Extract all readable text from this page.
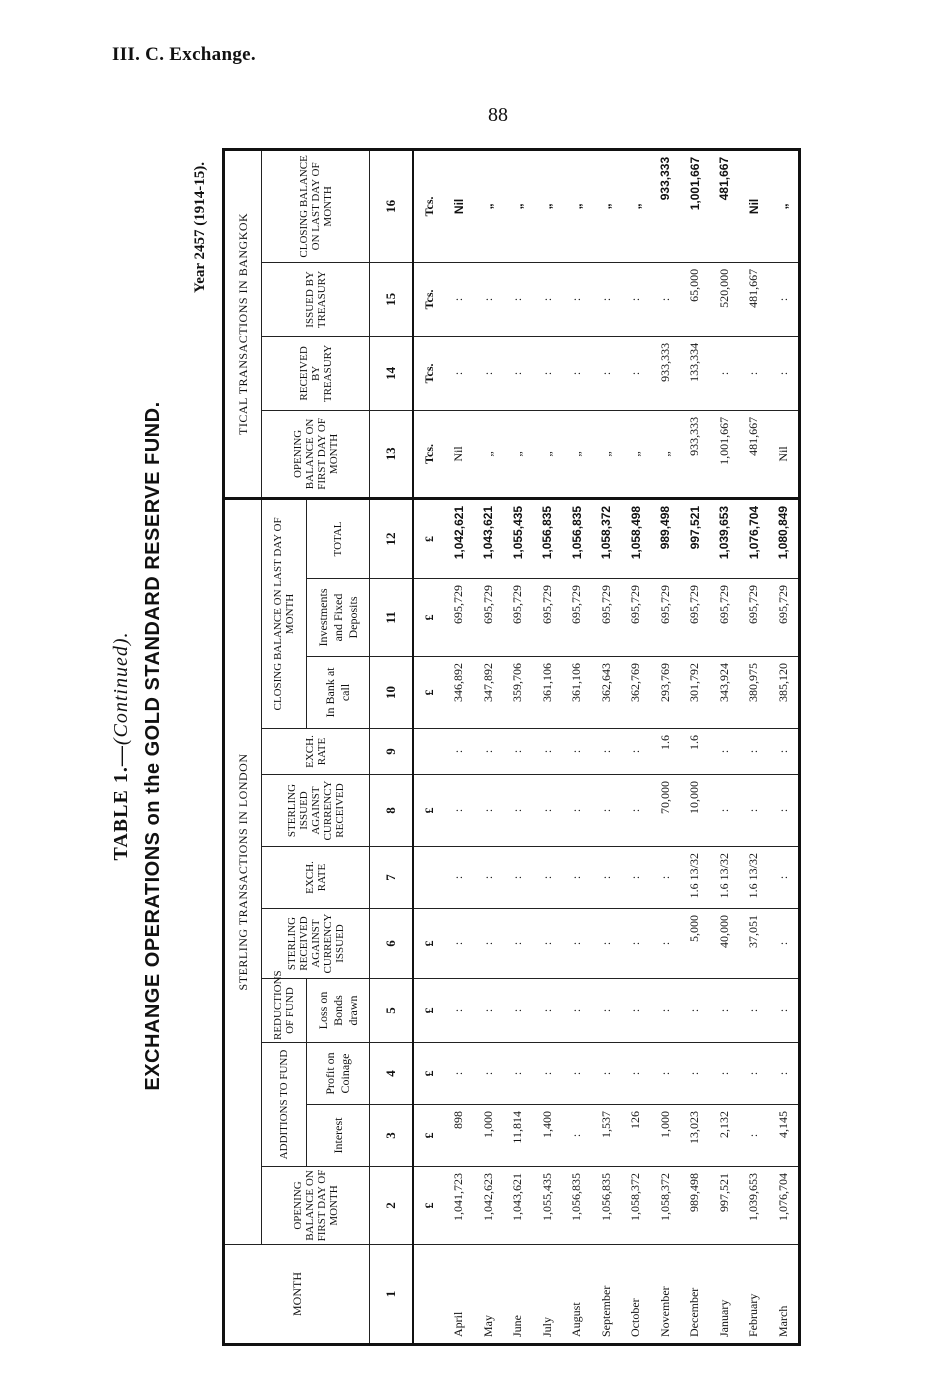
III. C. Exchange.
88
TABLE 1.—(Continued). EXCHANGE OPERATIONS on the GOLD STANDARD RESERVE FUND.
Year 2457 (1914-15).
MONTH	STERLING TRANSACTIONS IN LONDON											TICAL TRANSACTIONS IN BANGKOK			
	OPENING BALANCE ON FIRST DAY OF MONTH	ADDITIONS TO FUND		REDUCTIONS OF FUND	STERLING RECEIVED AGAINST CURRENCY ISSUED	EXCH. RATE	STERLING ISSUED AGAINST CURRENCY RECEIVED	EXCH. RATE	CLOSING BALANCE ON LAST DAY OF MONTH			OPENING BALANCE ON FIRST DAY OF MONTH	RECEIVED BY TREASURY	ISSUED BY TREASURY	CLOSING BALANCE ON LAST DAY OF MONTH
		Interest	Profit on Coinage	Loss on Bonds drawn					In Bank at call	Investments and Fixed Deposits	TOTAL				
1	2	3	4	5	6	7	8	9	10	11	12	13	14	15	16
	£	£	£	£	£		£		£	£	£	Tcs.	Tcs.	Tcs.	Tcs.
April	1,041,723	898	:	:	:	:	:	:	346,892	695,729	1,042,621	Nil	:	:	Nil
May	1,042,623	1,000	:	:	:	:	:	:	347,892	695,729	1,043,621	„	:	:	„
June	1,043,621	11,814	:	:	:	:	:	:	359,706	695,729	1,055,435	„	:	:	„
July	1,055,435	1,400	:	:	:	:	:	:	361,106	695,729	1,056,835	„	:	:	„
August	1,056,835	:	:	:	:	:	:	:	361,106	695,729	1,056,835	„	:	:	„
September	1,056,835	1,537	:	:	:	:	:	:	362,643	695,729	1,058,372	„	:	:	„
October	1,058,372	126	:	:	:	:	:	:	362,769	695,729	1,058,498	„	:	:	„
November	1,058,372	1,000	:	:	:	:	70,000	1.6	293,769	695,729	989,498	„	933,333	:	933,333
December	989,498	13,023	:	:	5,000	1.6 13/32	10,000	1.6	301,792	695,729	997,521	933,333	133,334	65,000	1,001,667
January	997,521	2,132	:	:	40,000	1.6 13/32	:	:	343,924	695,729	1,039,653	1,001,667	:	520,000	481,667
February	1,039,653	:	:	:	37,051	1.6 13/32	:	:	380,975	695,729	1,076,704	481,667	:	481,667	Nil
March	1,076,704	4,145	:	:	:	:	:	:	385,120	695,729	1,080,849	Nil	:	:	„
